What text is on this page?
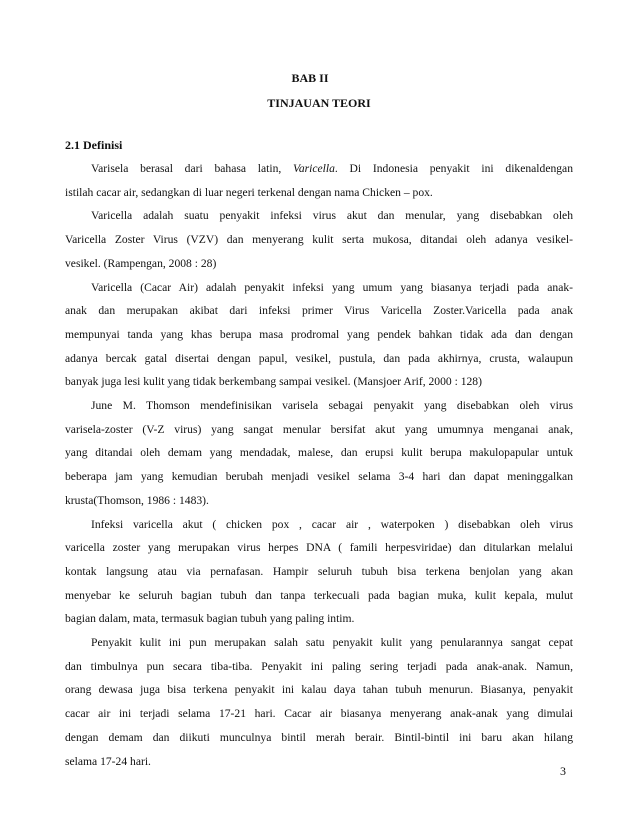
BAB II
TINJAUAN TEORI
2.1 Definisi
Varisela berasal dari bahasa latin, Varicella. Di Indonesia penyakit ini dikenaldengan
istilah cacar air, sedangkan di luar negeri terkenal dengan nama Chicken – pox.
Varicella adalah suatu penyakit infeksi virus akut dan menular, yang disebabkan oleh
Varicella Zoster Virus (VZV) dan menyerang kulit serta mukosa, ditandai oleh adanya vesikel-
vesikel. (Rampengan, 2008 : 28)
Varicella (Cacar Air) adalah penyakit infeksi yang umum yang biasanya terjadi pada anak-
anak dan merupakan akibat dari infeksi primer Virus Varicella Zoster.Varicella pada anak
mempunyai tanda yang khas berupa masa prodromal yang pendek bahkan tidak ada dan dengan
adanya bercak gatal disertai dengan papul, vesikel, pustula, dan pada akhirnya, crusta, walaupun
banyak juga lesi kulit yang tidak berkembang sampai vesikel. (Mansjoer Arif, 2000 : 128)
June M. Thomson mendefinisikan varisela sebagai penyakit yang disebabkan oleh virus
varisela-zoster (V-Z virus) yang sangat menular bersifat akut yang umumnya menganai anak,
yang ditandai oleh demam yang mendadak, malese, dan erupsi kulit berupa makulopapular untuk
beberapa jam yang kemudian berubah menjadi vesikel selama 3-4 hari dan dapat meninggalkan
krusta(Thomson, 1986 : 1483).
Infeksi varicella akut ( chicken pox , cacar air , waterpoken ) disebabkan oleh virus
varicella zoster yang merupakan virus herpes DNA ( famili herpesviridae) dan ditularkan melalui
kontak langsung atau via pernafasan. Hampir seluruh tubuh bisa terkena benjolan yang akan
menyebar ke seluruh bagian tubuh dan tanpa terkecuali pada bagian muka, kulit kepala, mulut
bagian dalam, mata, termasuk bagian tubuh yang paling intim.
Penyakit kulit ini pun merupakan salah satu penyakit kulit yang penularannya sangat cepat
dan timbulnya pun secara tiba-tiba. Penyakit ini paling sering terjadi pada anak-anak. Namun,
orang dewasa juga bisa terkena penyakit ini kalau daya tahan tubuh menurun. Biasanya, penyakit
cacar air ini terjadi selama 17-21 hari. Cacar air biasanya menyerang anak-anak yang dimulai
dengan demam dan diikuti munculnya bintil merah berair. Bintil-bintil ini baru akan hilang
selama 17-24 hari.
3
